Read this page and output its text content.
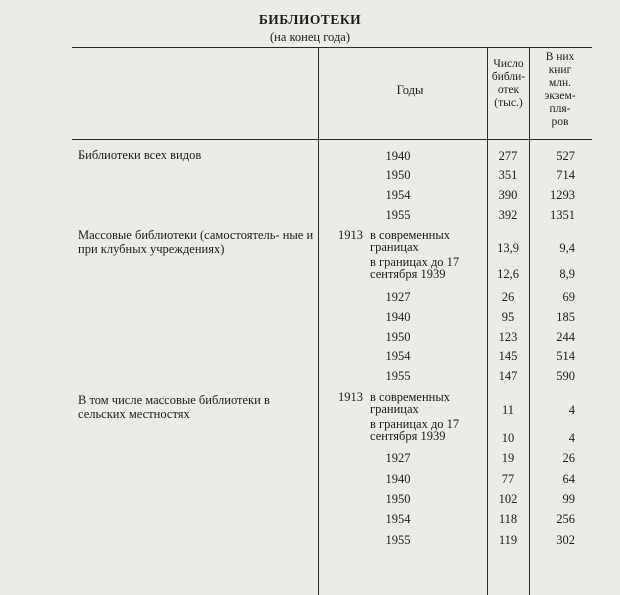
БИБЛИОТЕКИ
(на конец года)
Годы
Число
библи-
отек
(тыс.)
В них
книг
млн.
экзем-
пля-
ров
Библиотеки всех видов	1940	277	527
1950	351	714
1954	390	1293
1955	392	1351
Массовые библиотеки (самостоятель- ные и при клубных учреждениях)
1913 в современных границах	13,9	9,4
в границах до 17 сентября 1939	12,6	8,9
1927	26	69
1940	95	185
1950	123	244
1954	145	514
1955	147	590
В том числе массовые библиотеки в сельских местностях
1913 в современных границах	11	4
в границах до 17 сентября 1939	10	4
1927	19	26
1940	77	64
1950	102	99
1954	118	256
1955	119	302
